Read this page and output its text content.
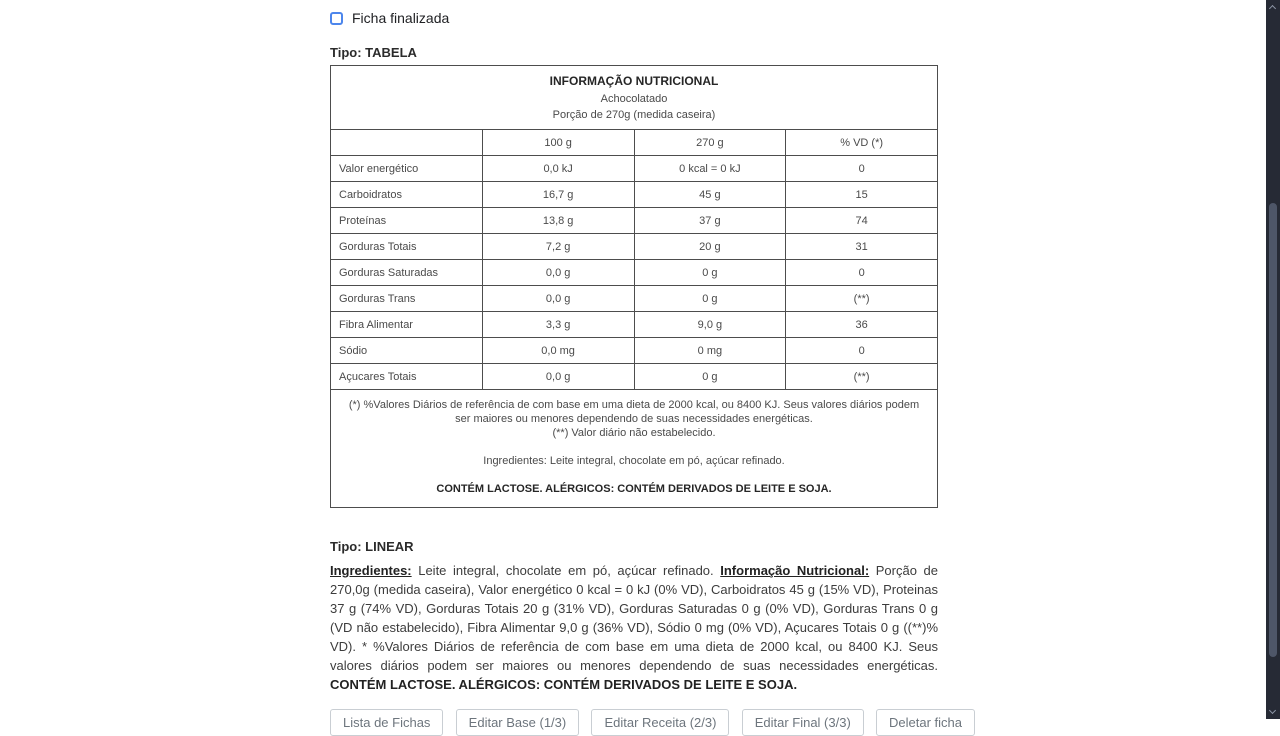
Ficha finalizada
Tipo: TABELA
INFORMAÇÃO NUTRICIONAL
Achocolatado
Porção de 270g (medida caseira)			

	100 g	270 g	% VD (*)
Valor energético	0,0 kJ	0 kcal = 0 kJ	0
Carboidratos	16,7 g	45 g	15
Proteínas	13,8 g	37 g	74
Gorduras Totais	7,2 g	20 g	31
Gorduras Saturadas	0,0 g	0 g	0
Gorduras Trans	0,0 g	0 g	(**)
Fibra Alimentar	3,3 g	9,0 g	36
Sódio	0,0 mg	0 mg	0
Açucares Totais	0,0 g	0 g	(**)

(*) %Valores Diários de referência de com base em uma dieta de 2000 kcal, ou 8400 KJ. Seus valores diários podem ser maiores ou menores dependendo de suas necessidades energéticas.
(**) Valor diário não estabelecido.
Ingredientes: Leite integral, chocolate em pó, açúcar refinado.
CONTÉM LACTOSE. ALÉRGICOS: CONTÉM DERIVADOS DE LEITE E SOJA.			
Tipo: LINEAR
Ingredientes: Leite integral, chocolate em pó, açúcar refinado. Informação Nutricional: Porção de 270,0g (medida caseira), Valor energético 0 kcal = 0 kJ (0% VD), Carboidratos 45 g (15% VD), Proteinas 37 g (74% VD), Gorduras Totais 20 g (31% VD), Gorduras Saturadas 0 g (0% VD), Gorduras Trans 0 g (VD não estabelecido), Fibra Alimentar 9,0 g (36% VD), Sódio 0 mg (0% VD), Açucares Totais 0 g ((**)% VD). * %Valores Diários de referência de com base em uma dieta de 2000 kcal, ou 8400 KJ. Seus valores diários podem ser maiores ou menores dependendo de suas necessidades energéticas. CONTÉM LACTOSE. ALÉRGICOS: CONTÉM DERIVADOS DE LEITE E SOJA.
Lista de Fichas	Editar Base (1/3)	Editar Receita (2/3)	Editar Final (3/3)	Deletar ficha
